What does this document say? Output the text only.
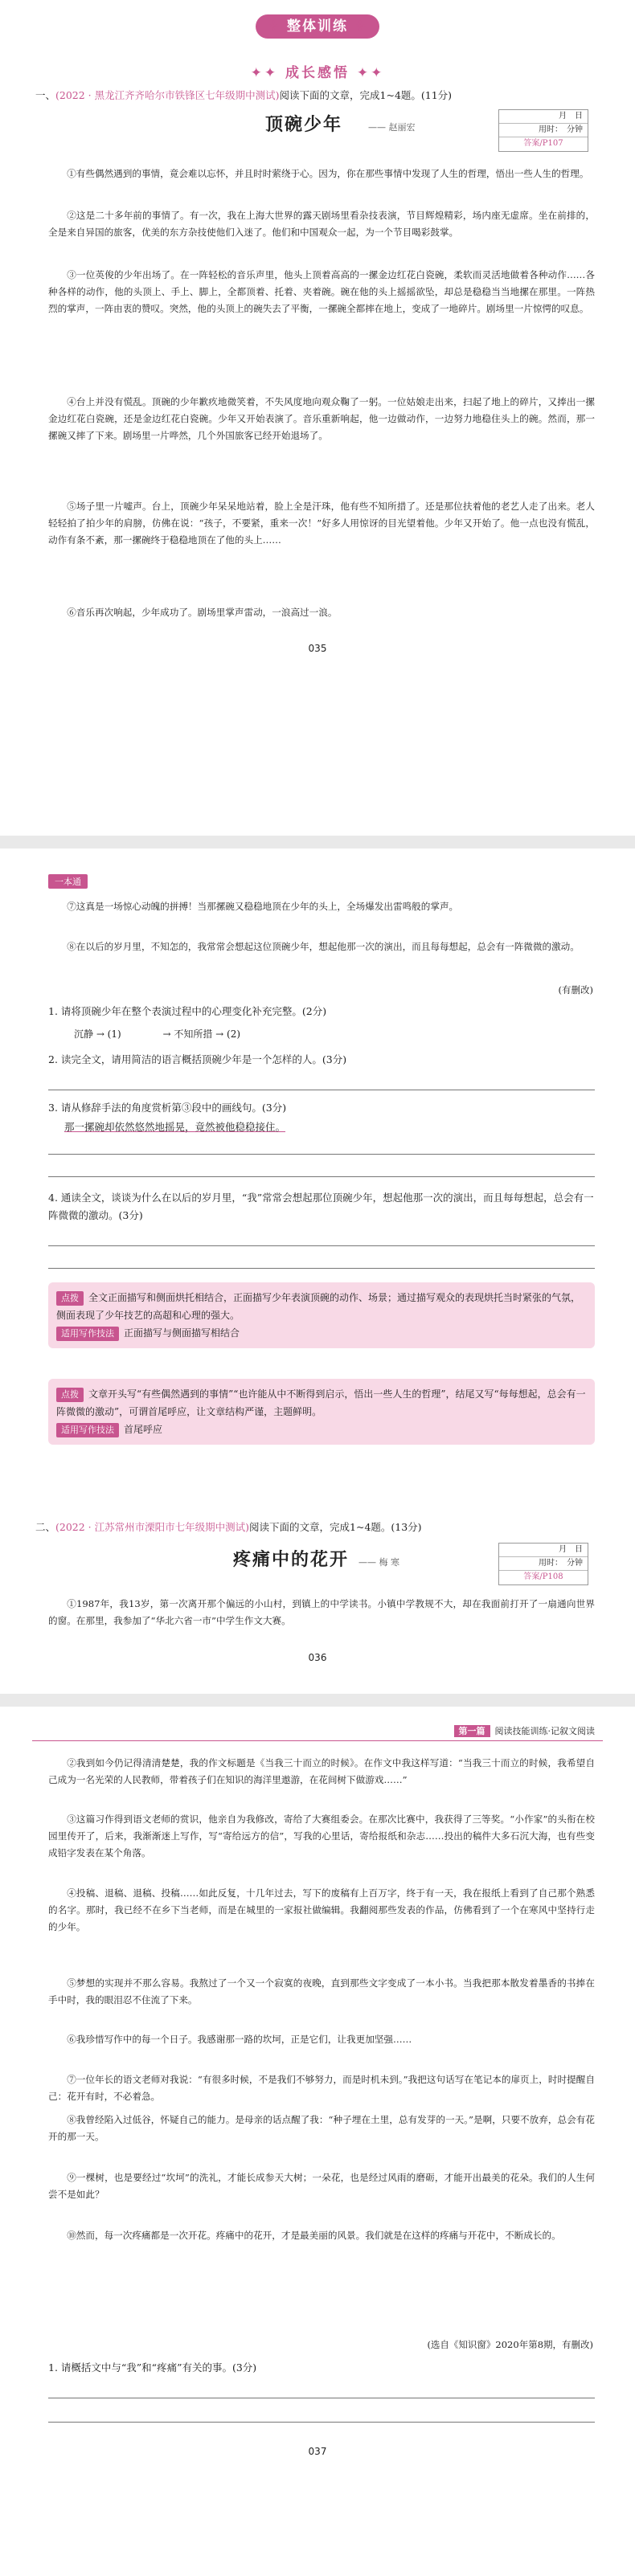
✣ 整体训练 ✣
✦✦ 成长感悟 ✦✦
一、(2022 · 黑龙江齐齐哈尔市铁锋区七年级期中测试)阅读下面的文章，完成1~4题。(11分)
顶碗少年	—— 赵丽宏
月　日
用时：　分钟
答案/P107
①有些偶然遇到的事情，竟会难以忘怀，并且时时萦绕于心。因为，你在那些事情中发现了人生的哲理，悟出一些人生的哲理。
②这是二十多年前的事情了。有一次，我在上海大世界的露天剧场里看杂技表演，节目辉煌精彩，场内座无虚席。坐在前排的，全是来自异国的旅客，优美的东方杂技使他们入迷了。他们和中国观众一起，为一个节目喝彩鼓掌。
③一位英俊的少年出场了。在一阵轻松的音乐声里，他头上顶着高高的一摞金边红花白瓷碗，柔软而灵活地做着各种动作……各种各样的动作，他的头顶上、手上、脚上，全都顶着、托着、夹着碗。碗在他的头上摇摇欲坠，却总是稳稳当当地摞在那里。一阵热烈的掌声，一阵由衷的赞叹。突然，他的头顶上的碗失去了平衡，一摞碗全都摔在地上，变成了一地碎片。剧场里一片惊愕的叹息。
④台上并没有慌乱。顶碗的少年歉疚地微笑着，不失风度地向观众鞠了一躬。一位姑娘走出来，扫起了地上的碎片，又捧出一摞金边红花白瓷碗，还是金边红花白瓷碗。少年又开始表演了。音乐重新响起，他一边做动作，一边努力地稳住头上的碗。然而，那一摞碗又摔了下来。剧场里一片哗然，几个外国旅客已经开始退场了。
⑤场子里一片嘘声。台上，顶碗少年呆呆地站着，脸上全是汗珠，他有些不知所措了。还是那位扶着他的老艺人走了出来。老人轻轻拍了拍少年的肩膀，仿佛在说：“孩子，不要紧，重来一次！”好多人用惊讶的目光望着他。少年又开始了。他一点也没有慌乱，动作有条不紊，那一摞碗终于稳稳地顶在了他的头上……
⑥音乐再次响起，少年成功了。剧场里掌声雷动，一浪高过一浪。
035
一本通
⑦这真是一场惊心动魄的拼搏！当那摞碗又稳稳地顶在少年的头上，全场爆发出雷鸣般的掌声。
⑧在以后的岁月里，不知怎的，我常常会想起这位顶碗少年，想起他那一次的演出，而且每每想起，总会有一阵微微的激动。
(有删改)
1. 请将顶碗少年在整个表演过程中的心理变化补充完整。(2分)
沉静 → (1)　　　　 → 不知所措 → (2)　　　　
2. 读完全文，请用简洁的语言概括顶碗少年是一个怎样的人。(3分)
3. 请从修辞手法的角度赏析第③段中的画线句。(3分)
那一摞碗却依然悠然地摇晃，竟然被他稳稳接住。
4. 通读全文，谈谈为什么在以后的岁月里，“我”常常会想起那位顶碗少年，想起他那一次的演出，而且每每想起，总会有一阵微微的激动。(3分)
点拨 全文正面描写和侧面烘托相结合，正面描写少年表演顶碗的动作、场景；通过描写观众的表现烘托当时紧张的气氛，侧面表现了少年技艺的高超和心理的强大。
适用写作技法 正面描写与侧面描写相结合
点拨 文章开头写“有些偶然遇到的事情”“也许能从中不断得到启示，悟出一些人生的哲理”，结尾又写“每每想起，总会有一阵微微的激动”，可谓首尾呼应，让文章结构严谨，主题鲜明。
适用写作技法 首尾呼应
二、(2022 · 江苏常州市溧阳市七年级期中测试)阅读下面的文章，完成1~4题。(13分)
疼痛中的花开 —— 梅 寒
月　日
用时：　分钟
答案/P108
①1987年，我13岁，第一次离开那个偏远的小山村，到镇上的中学读书。小镇中学教规不大，却在我面前打开了一扇通向世界的窗。在那里，我参加了“华北六省一市”中学生作文大赛。
036
第一篇 阅读技能训练·记叙文阅读
②我到如今仍记得清清楚楚，我的作文标题是《当我三十而立的时候》。在作文中我这样写道：“当我三十而立的时候，我希望自己成为一名光荣的人民教师，带着孩子们在知识的海洋里遨游，在花间树下做游戏……”
③这篇习作得到语文老师的赏识，他亲自为我修改，寄给了大赛组委会。在那次比赛中，我获得了三等奖。“小作家”的头衔在校园里传开了，后来，我渐渐迷上写作，写“寄给远方的信”，写我的心里话，寄给报纸和杂志……投出的稿件大多石沉大海，也有些变成铅字发表在某个角落。
④投稿、退稿、退稿、投稿……如此反复，十几年过去，写下的废稿有上百万字，终于有一天，我在报纸上看到了自己那个熟悉的名字。那时，我已经不在乡下当老师，而是在城里的一家报社做编辑。我翻阅那些发表的作品，仿佛看到了一个在寒风中坚持行走的少年。
⑤梦想的实现并不那么容易。我熬过了一个又一个寂寞的夜晚，直到那些文字变成了一本小书。当我把那本散发着墨香的书捧在手中时，我的眼泪忍不住流了下来。
⑥我珍惜写作中的每一个日子。我感谢那一路的坎坷，正是它们，让我更加坚强……
⑦一位年长的语文老师对我说：“有很多时候，不是我们不够努力，而是时机未到。”我把这句话写在笔记本的扉页上，时时提醒自己：花开有时，不必着急。
⑧我曾经陷入过低谷，怀疑自己的能力。是母亲的话点醒了我：“种子埋在土里，总有发芽的一天。”是啊，只要不放弃，总会有花开的那一天。
⑨一棵树，也是要经过“坎坷”的洗礼，才能长成参天大树；一朵花，也是经过风雨的磨砺，才能开出最美的花朵。我们的人生何尝不是如此？
⑩然而，每一次疼痛都是一次开花。疼痛中的花开，才是最美丽的风景。我们就是在这样的疼痛与开花中，不断成长的。
(选自《知识窗》2020年第8期，有删改)
1. 请概括文中与“我”和“疼痛”有关的事。(3分)
037
